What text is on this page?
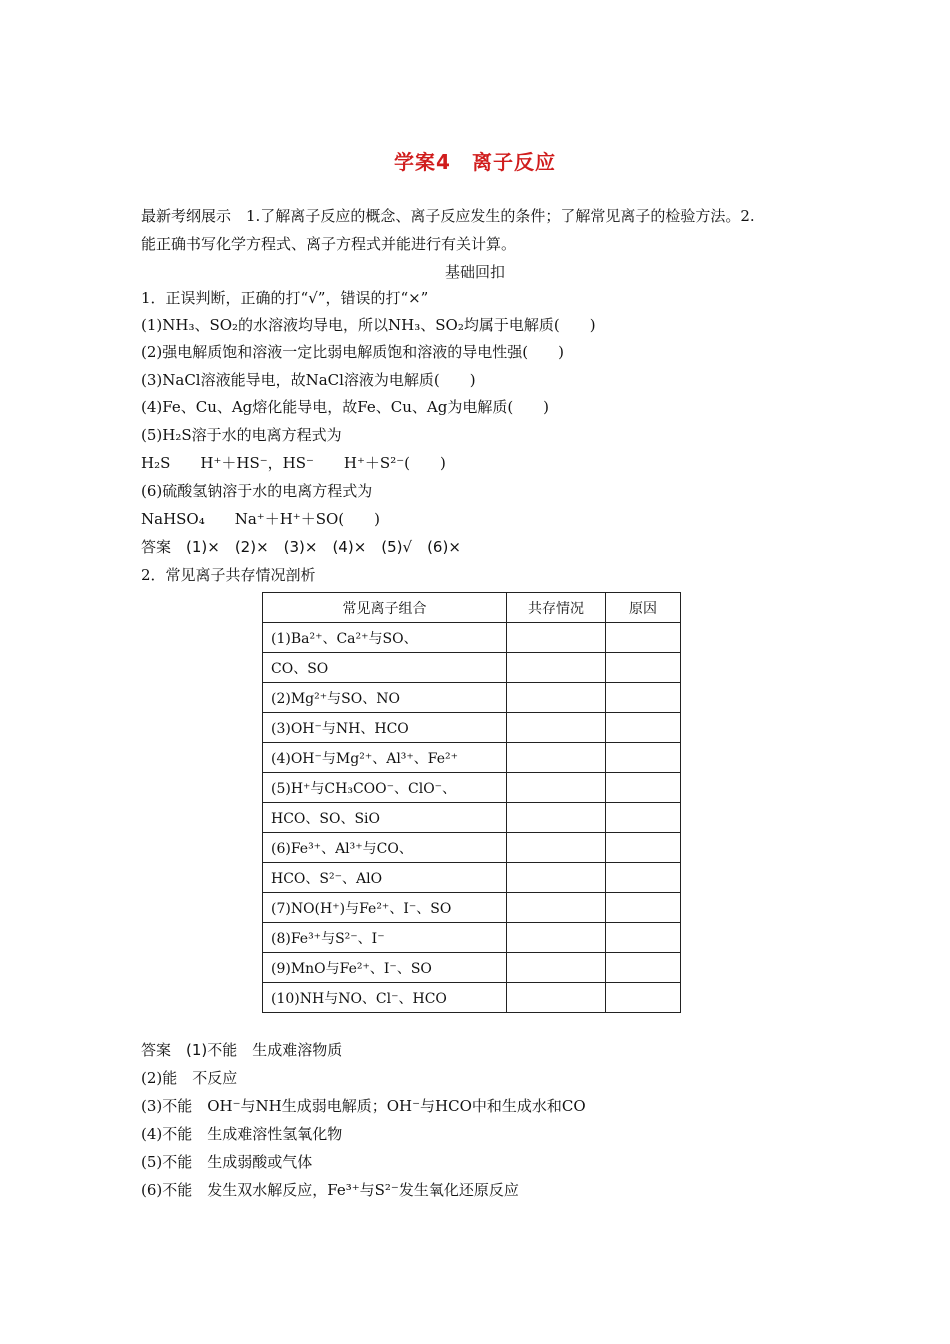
学案4　离子反应
最新考纲展示　1.了解离子反应的概念、离子反应发生的条件；了解常见离子的检验方法。2.
能正确书写化学方程式、离子方程式并能进行有关计算。
基础回扣
1．正误判断，正确的打“√”，错误的打“×”
(1)NH₃、SO₂的水溶液均导电，所以NH₃、SO₂均属于电解质(　　)
(2)强电解质饱和溶液一定比弱电解质饱和溶液的导电性强(　　)
(3)NaCl溶液能导电，故NaCl溶液为电解质(　　)
(4)Fe、Cu、Ag熔化能导电，故Fe、Cu、Ag为电解质(　　)
(5)H₂S溶于水的电离方程式为
H₂S　　H⁺＋HS⁻，HS⁻　　H⁺＋S²⁻(　　)
(6)硫酸氢钠溶于水的电离方程式为
NaHSO₄　　Na⁺＋H⁺＋SO(　　)
答案　(1)×　(2)×　(3)×　(4)×　(5)√　(6)×
2．常见离子共存情况剖析
常见离子组合	共存情况	原因
(1)Ba²⁺、Ca²⁺与SO、		
CO、SO		
(2)Mg²⁺与SO、NO		
(3)OH⁻与NH、HCO		
(4)OH⁻与Mg²⁺、Al³⁺、Fe²⁺		
(5)H⁺与CH₃COO⁻、ClO⁻、		
HCO、SO、SiO		
(6)Fe³⁺、Al³⁺与CO、		
HCO、S²⁻、AlO		
(7)NO(H⁺)与Fe²⁺、I⁻、SO		
(8)Fe³⁺与S²⁻、I⁻		
(9)MnO与Fe²⁺、I⁻、SO		
(10)NH与NO、Cl⁻、HCO		
答案　(1)不能　生成难溶物质
(2)能　不反应
(3)不能　OH⁻与NH生成弱电解质；OH⁻与HCO中和生成水和CO
(4)不能　生成难溶性氢氧化物
(5)不能　生成弱酸或气体
(6)不能　发生双水解反应，Fe³⁺与S²⁻发生氧化还原反应
